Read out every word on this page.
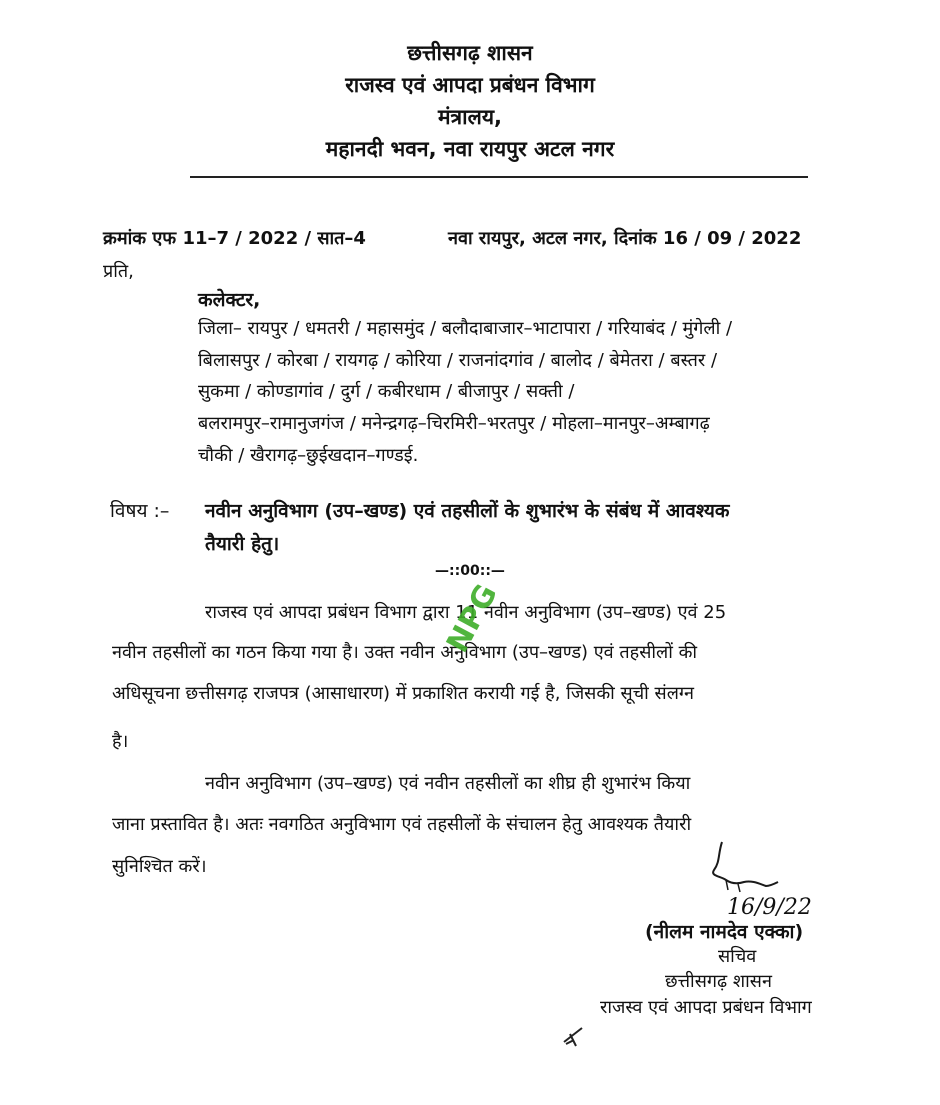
छत्तीसगढ़ शासन
राजस्व एवं आपदा प्रबंधन विभाग
मंत्रालय,
महानदी भवन, नवा रायपुर अटल नगर
क्रमांक एफ 11–7 / 2022 / सात–4	नवा रायपुर, अटल नगर, दिनांक 16 / 09 / 2022
प्रति,
कलेक्टर,
जिला– रायपुर / धमतरी / महासमुंद / बलौदाबाजार–भाटापारा / गरियाबंद / मुंगेली /
बिलासपुर / कोरबा / रायगढ़ / कोरिया / राजनांदगांव / बालोद / बेमेतरा / बस्तर /
सुकमा / कोण्डागांव / दुर्ग / कबीरधाम / बीजापुर / सक्ती /
बलरामपुर–रामानुजगंज / मनेन्द्रगढ़–चिरमिरी–भरतपुर / मोहला–मानपुर–अम्बागढ़
चौकी / खैरागढ़–छुईखदान–गण्डई.
विषय :– नवीन अनुविभाग (उप–खण्ड) एवं तहसीलों के शुभारंभ के संबंध में आवश्यक
तैयारी हेतु।
—::00::—
राजस्व एवं आपदा प्रबंधन विभाग द्वारा 11 नवीन अनुविभाग (उप–खण्ड) एवं 25
नवीन तहसीलों का गठन किया गया है। उक्त नवीन अनुविभाग (उप–खण्ड) एवं तहसीलों की
अधिसूचना छत्तीसगढ़ राजपत्र (आसाधारण) में प्रकाशित करायी गई है, जिसकी सूची संलग्न
है।
नवीन अनुविभाग (उप–खण्ड) एवं नवीन तहसीलों का शीघ्र ही शुभारंभ किया
जाना प्रस्तावित है। अतः नवगठित अनुविभाग एवं तहसीलों के संचालन हेतु आवश्यक तैयारी
सुनिश्चित करें।
NPG
16/9/22
(नीलम नामदेव एक्का)
सचिव
छत्तीसगढ़ शासन
राजस्व एवं आपदा प्रबंधन विभाग
